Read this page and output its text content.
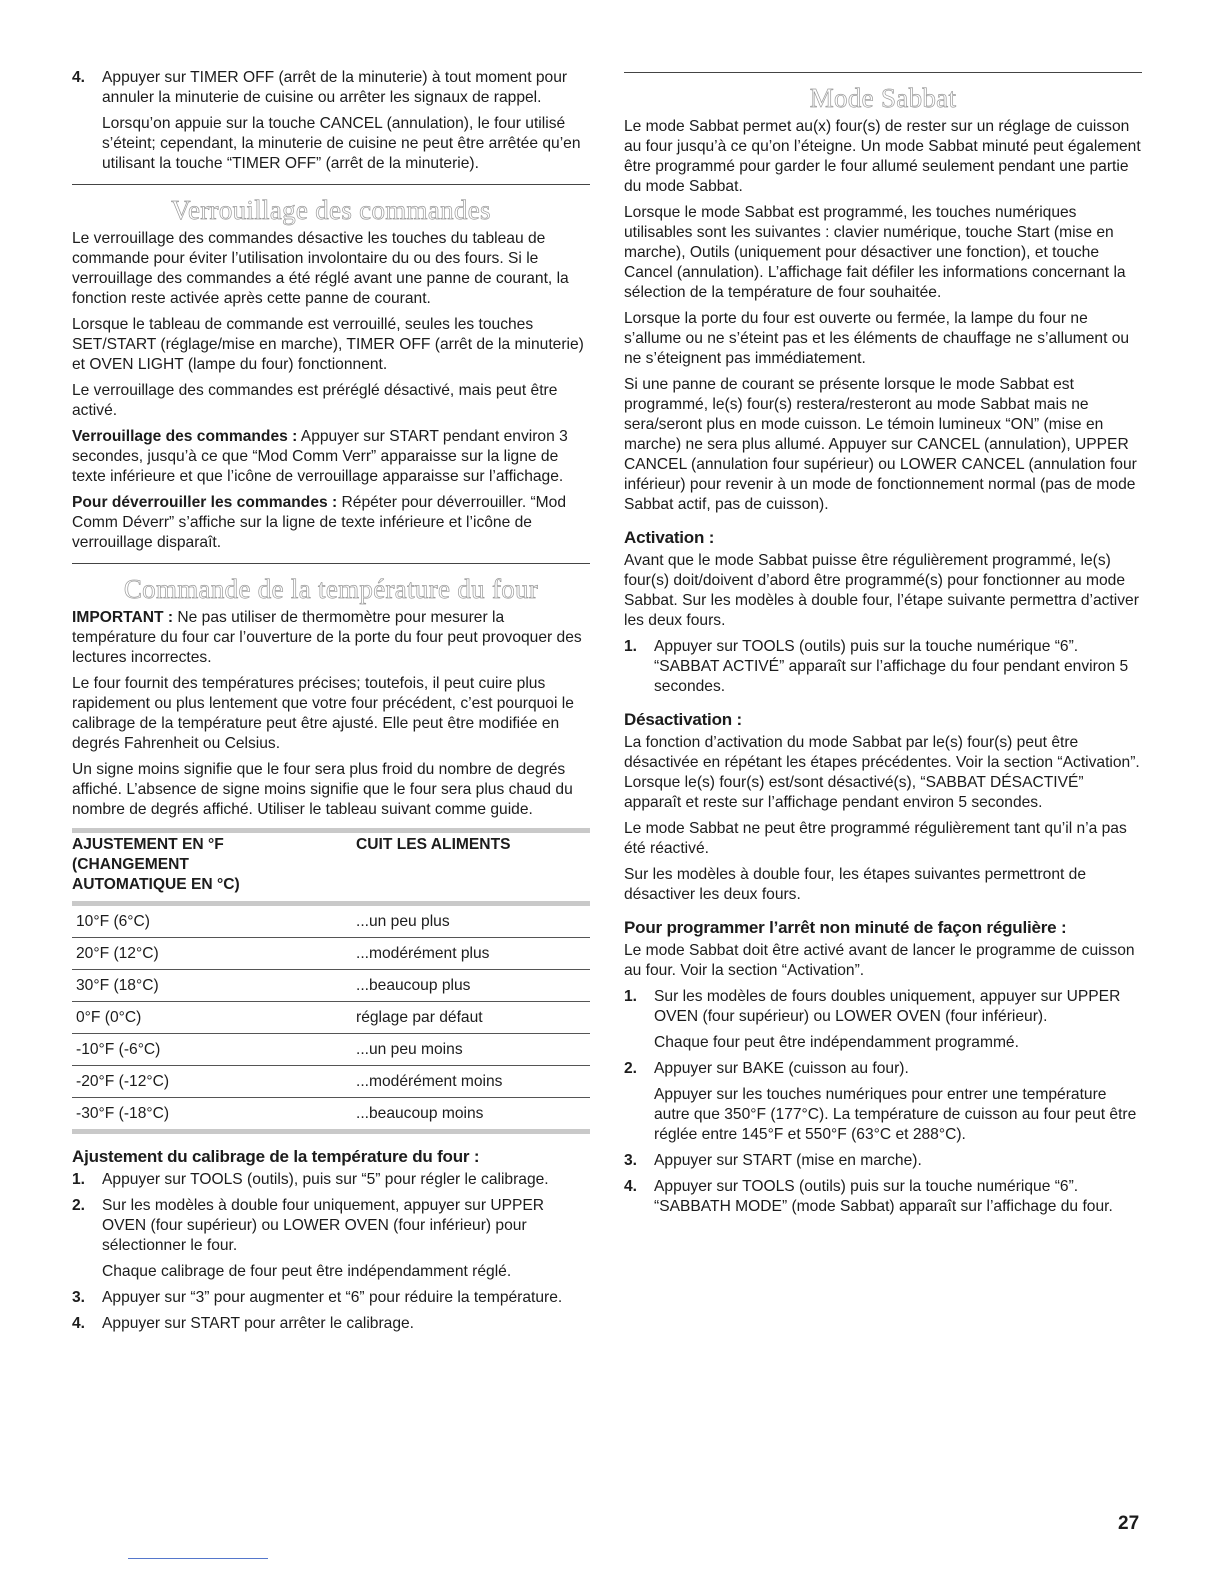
4. Appuyer sur TIMER OFF (arrêt de la minuterie) à tout moment pour annuler la minuterie de cuisine ou arrêter les signaux de rappel.

Lorsqu’on appuie sur la touche CANCEL (annulation), le four utilisé s’éteint; cependant, la minuterie de cuisine ne peut être arrêtée qu’en utilisant la touche “TIMER OFF” (arrêt de la minuterie).

Verrouillage des commandes

Le verrouillage des commandes désactive les touches du tableau de commande pour éviter l’utilisation involontaire du ou des fours. Si le verrouillage des commandes a été réglé avant une panne de courant, la fonction reste activée après cette panne de courant.

Lorsque le tableau de commande est verrouillé, seules les touches SET/START (réglage/mise en marche), TIMER OFF (arrêt de la minuterie) et OVEN LIGHT (lampe du four) fonctionnent.

Le verrouillage des commandes est préréglé désactivé, mais peut être activé.

Verrouillage des commandes : Appuyer sur START pendant environ 3 secondes, jusqu’à ce que “Mod Comm Verr” apparaisse sur la ligne de texte inférieure et que l’icône de verrouillage apparaisse sur l’affichage.

Pour déverrouiller les commandes : Répéter pour déverrouiller. “Mod Comm Déverr” s’affiche sur la ligne de texte inférieure et l’icône de verrouillage disparaît.

Commande de la température du four

IMPORTANT : Ne pas utiliser de thermomètre pour mesurer la température du four car l’ouverture de la porte du four peut provoquer des lectures incorrectes.

Le four fournit des températures précises; toutefois, il peut cuire plus rapidement ou plus lentement que votre four précédent, c’est pourquoi le calibrage de la température peut être ajusté. Elle peut être modifiée en degrés Fahrenheit ou Celsius.

Un signe moins signifie que le four sera plus froid du nombre de degrés affiché. L’absence de signe moins signifie que le four sera plus chaud du nombre de degrés affiché. Utiliser le tableau suivant comme guide.

AJUSTEMENT EN °F
(CHANGEMENT
AUTOMATIQUE EN °C)	CUIT LES ALIMENTS
10°F (6°C)	...un peu plus
20°F (12°C)	...modérément plus
30°F (18°C)	...beaucoup plus
0°F (0°C)	réglage par défaut
-10°F (-6°C)	...un peu moins
-20°F (-12°C)	...modérément moins
-30°F (-18°C)	...beaucoup moins
Ajustement du calibrage de la température du four :
1. Appuyer sur TOOLS (outils), puis sur “5” pour régler le calibrage.

2. Sur les modèles à double four uniquement, appuyer sur UPPER OVEN (four supérieur) ou LOWER OVEN (four inférieur) pour sélectionner le four.

Chaque calibrage de four peut être indépendamment réglé.

3. Appuyer sur “3” pour augmenter et “6” pour réduire la température.

4. Appuyer sur START pour arrêter le calibrage.

Mode Sabbat

Le mode Sabbat permet au(x) four(s) de rester sur un réglage de cuisson au four jusqu’à ce qu’on l’éteigne. Un mode Sabbat minuté peut également être programmé pour garder le four allumé seulement pendant une partie du mode Sabbat.

Lorsque le mode Sabbat est programmé, les touches numériques utilisables sont les suivantes : clavier numérique, touche Start (mise en marche), Outils (uniquement pour désactiver une fonction), et touche Cancel (annulation). L’affichage fait défiler les informations concernant la sélection de la température de four souhaitée.

Lorsque la porte du four est ouverte ou fermée, la lampe du four ne s’allume ou ne s’éteint pas et les éléments de chauffage ne s’allument ou ne s’éteignent pas immédiatement.

Si une panne de courant se présente lorsque le mode Sabbat est programmé, le(s) four(s) restera/resteront au mode Sabbat mais ne sera/seront plus en mode cuisson. Le témoin lumineux “ON” (mise en marche) ne sera plus allumé. Appuyer sur CANCEL (annulation), UPPER CANCEL (annulation four supérieur) ou LOWER CANCEL (annulation four inférieur) pour revenir à un mode de fonctionnement normal (pas de mode Sabbat actif, pas de cuisson).

Activation :

Avant que le mode Sabbat puisse être régulièrement programmé, le(s) four(s) doit/doivent d’abord être programmé(s) pour fonctionner au mode Sabbat. Sur les modèles à double four, l’étape suivante permettra d’activer les deux fours.

1. Appuyer sur TOOLS (outils) puis sur la touche numérique “6”. “SABBAT ACTIVÉ” apparaît sur l’affichage du four pendant environ 5 secondes.

Désactivation :

La fonction d’activation du mode Sabbat par le(s) four(s) peut être désactivée en répétant les étapes précédentes. Voir la section “Activation”. Lorsque le(s) four(s) est/sont désactivé(s), “SABBAT DÉSACTIVÉ” apparaît et reste sur l’affichage pendant environ 5 secondes.

Le mode Sabbat ne peut être programmé régulièrement tant qu’il n’a pas été réactivé.

Sur les modèles à double four, les étapes suivantes permettront de désactiver les deux fours.

Pour programmer l’arrêt non minuté de façon régulière :

Le mode Sabbat doit être activé avant de lancer le programme de cuisson au four. Voir la section “Activation”.

1. Sur les modèles de fours doubles uniquement, appuyer sur UPPER OVEN (four supérieur) ou LOWER OVEN (four inférieur).

Chaque four peut être indépendamment programmé.

2. Appuyer sur BAKE (cuisson au four).

Appuyer sur les touches numériques pour entrer une température autre que 350°F (177°C). La température de cuisson au four peut être réglée entre 145°F et 550°F (63°C et 288°C).

3. Appuyer sur START (mise en marche).

4. Appuyer sur TOOLS (outils) puis sur la touche numérique “6”. “SABBATH MODE” (mode Sabbat) apparaît sur l’affichage du four.

27
